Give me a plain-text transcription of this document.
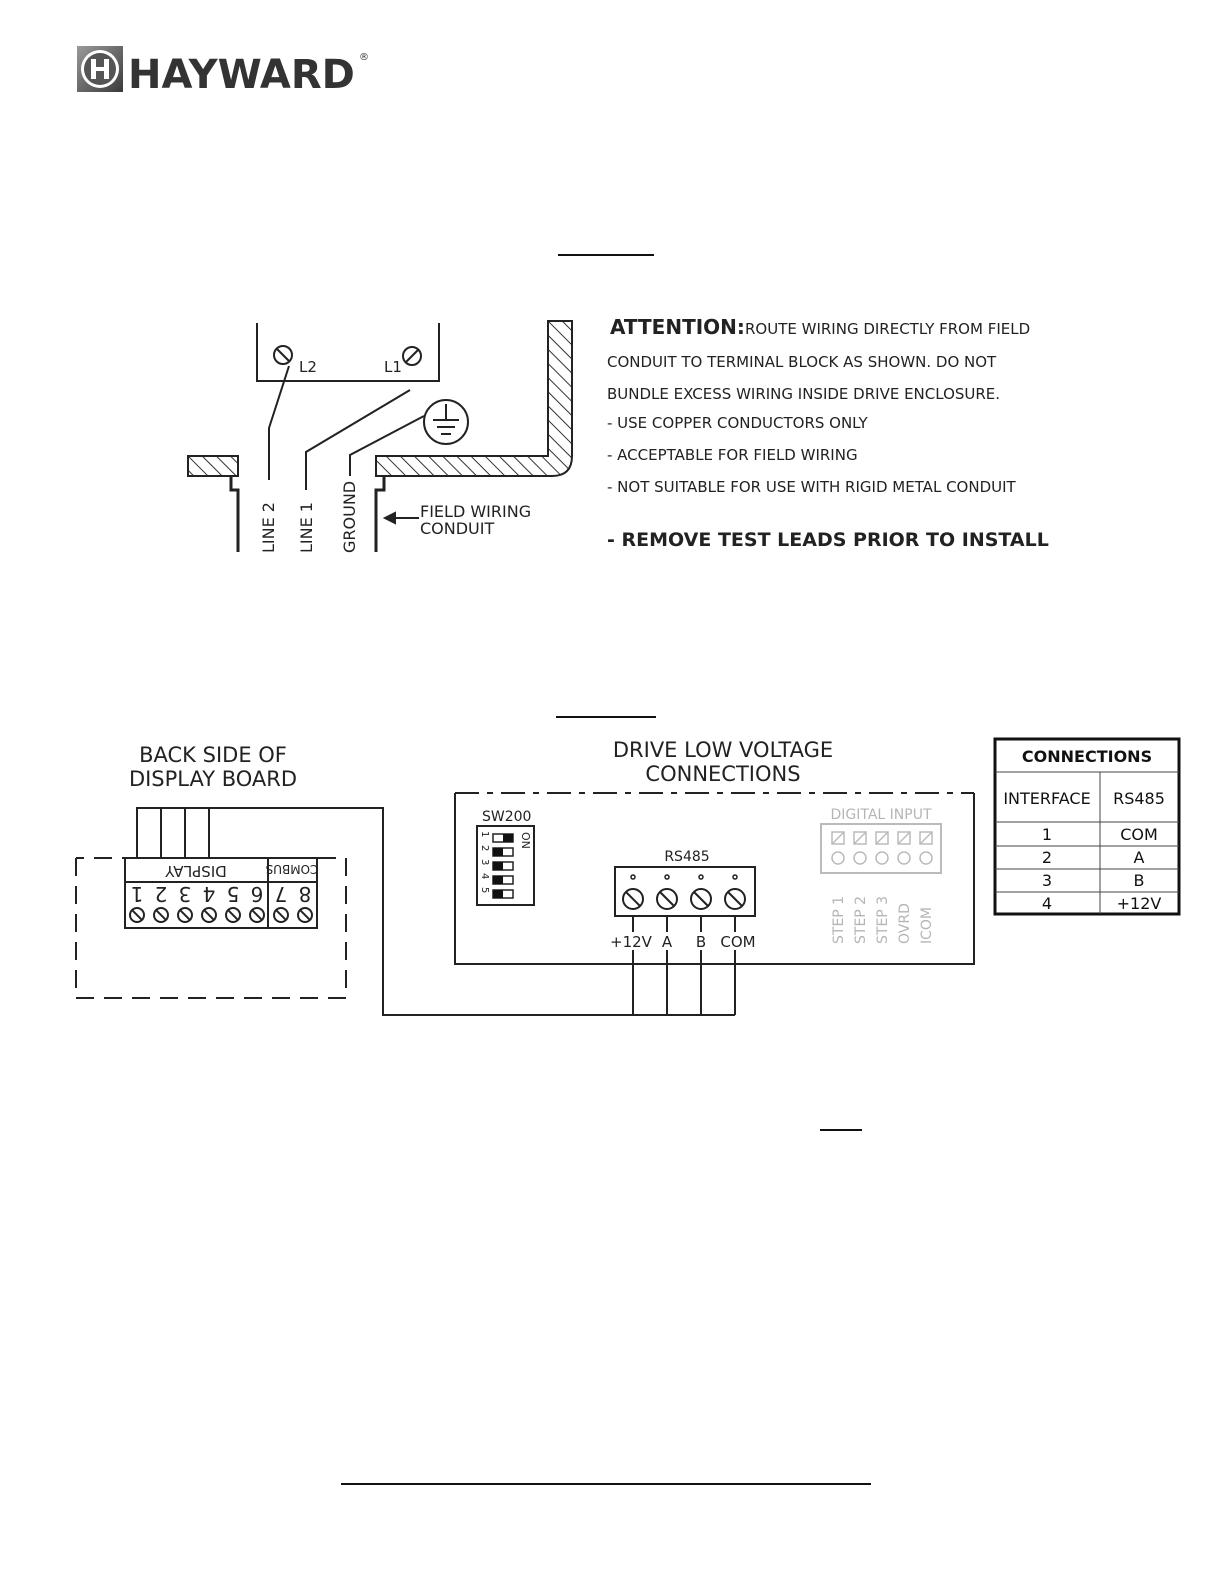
HAYWARD ®
L2	L1
LINE 2 LINE 1 GROUND	FIELD WIRING
CONDUIT
ATTENTION: ROUTE WIRING DIRECTLY FROM FIELD
CONDUIT TO TERMINAL BLOCK AS SHOWN. DO NOT
BUNDLE EXCESS WIRING INSIDE DRIVE ENCLOSURE.
- USE COPPER CONDUCTORS ONLY
- ACCEPTABLE FOR FIELD WIRING
- NOT SUITABLE FOR USE WITH RIGID METAL CONDUIT
- REMOVE TEST LEADS PRIOR TO INSTALL
BACK SIDE OF
DISPLAY BOARD
DISPLAY	COMBUS
1 2 3 4 5 6 7 8
DRIVE LOW VOLTAGE
CONNECTIONS
1
2
3
4
5
SW200
ON
RS485
+12V A B COM
DIGITAL INPUT
STEP 1 STEP 2 STEP 3 OVRD ICOM
CONNECTIONS
INTERFACE RS485
1	COM
2	A
3	B
4	+12V
